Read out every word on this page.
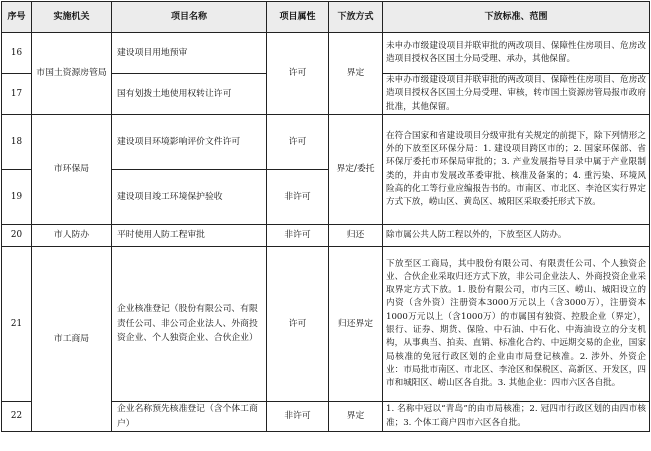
序号	实施机关	项目名称	项目属性	下放方式	下放标准、范围
16	市国土资源房管局	建设项目用地预审	许可	界定	未申办市级建设项目并联审批的两改项目、保障性住房项目、危房改造项目授权各区国土分局受理、承办，其他保留。
17		国有划拨土地使用权转让许可			未申办市级建设项目并联审批的两改项目、保障性住房项目、危房改造项目授权各区国土分局受理、审核，转市国土资源房管局报市政府批准，其他保留。
18	市环保局	建设项目环境影响评价文件许可	许可	界定/委托	在符合国家和省建设项目分级审批有关规定的前提下，除下列情形之外的下放至区环保分局：1. 建设项目跨区市的；2. 国家环保部、省环保厅委托市环保局审批的；3. 产业发展指导目录中属于产业限制类的，并由市发展改革委审批、核准及备案的；4. 重污染、环境风险高的化工等行业应编报告书的。市南区、市北区、李沧区实行界定方式下放，崂山区、黄岛区、城阳区采取委托形式下放。
19		建设项目竣工环境保护验收	非许可		
20	市人防办	平时使用人防工程审批	非许可	归还	除市属公共人防工程以外的，下放至区人防办。
21	市工商局	企业核准登记（股份有限公司、有限责任公司、非公司企业法人、外商投资企业、个人独资企业、合伙企业）	许可	归还界定	下放至区工商局，其中股份有限公司、有限责任公司、个人独资企业、合伙企业采取归还方式下放，非公司企业法人、外商投资企业采取界定方式下放。1. 股份有限公司，市内三区、崂山、城阳设立的内资（含外资）注册资本3000万元以上（含3000万），注册资本1000万元以上（含1000万）的市属国有独资、控股企业（界定），银行、证券、期货、保险、中石油、中石化、中海油设立的分支机构，从事典当、拍卖、直销、标准化合约、中远期交易的企业，国家局核准的免冠行政区划的企业由市局登记核准。2. 涉外、外资企业：市局批市南区、市北区、李沧区和保税区、高新区、开发区，四市和城阳区、崂山区各自批。3. 其他企业：四市六区各自批。
22		企业名称预先核准登记（含个体工商户）	非许可	界定	1. 名称中冠以“青岛”的由市局核准；2. 冠四市行政区划的由四市核准；3. 个体工商户四市六区各自批。
